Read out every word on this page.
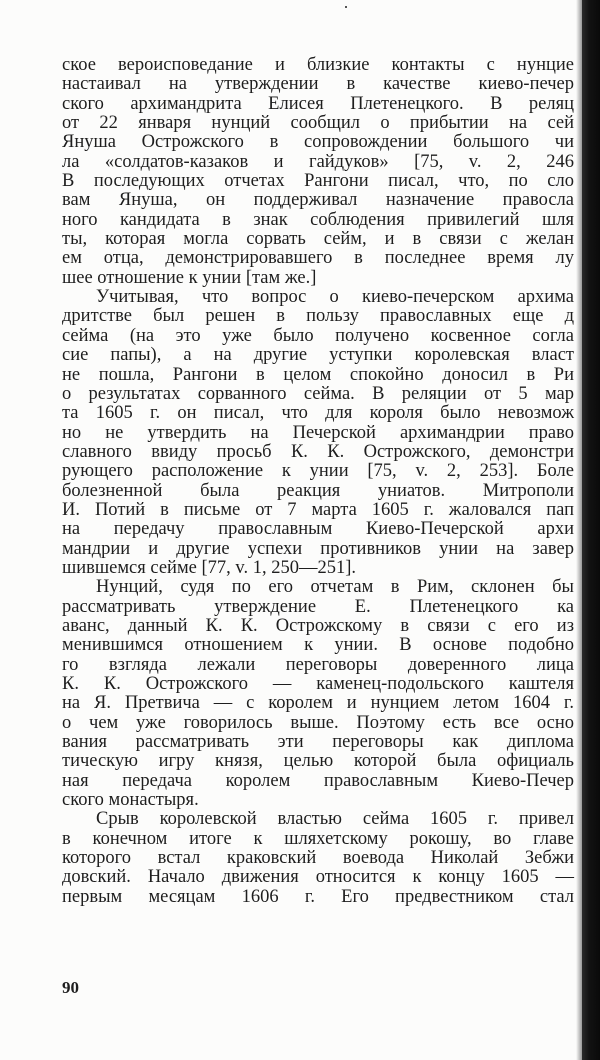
ское вероисповедание и близкие контакты с нунцие
настаивал на утверждении в качестве киево-печер
ского архимандрита Елисея Плетенецкого. В реляц
от 22 января нунций сообщил о прибытии на сей
Януша Острожского в сопровождении большого чи
ла «солдатов-казаков и гайдуков» [75, v. 2, 246
В последующих отчетах Рангони писал, что, по сло
вам Януша, он поддерживал назначение правосла
ного кандидата в знак соблюдения привилегий шля
ты, которая могла сорвать сейм, и в связи с желан
ем отца, демонстрировавшего в последнее время лу
шее отношение к унии [там же.]
Учитывая, что вопрос о киево-печерском архима
дритстве был решен в пользу православных еще д
сейма (на это уже было получено косвенное согла
сие папы), а на другие уступки королевская власт
не пошла, Рангони в целом спокойно доносил в Ри
о результатах сорванного сейма. В реляции от 5 мар
та 1605 г. он писал, что для короля было невозмож
но не утвердить на Печерской архимандрии право
славного ввиду просьб К. К. Острожского, демонстри
рующего расположение к унии [75, v. 2, 253]. Боле
болезненной была реакция униатов. Митрополи
И. Потий в письме от 7 марта 1605 г. жаловался пап
на передачу православным Киево-Печерской архи
мандрии и другие успехи противников унии на завер
шившемся сейме [77, v. 1, 250—251].
Нунций, судя по его отчетам в Рим, склонен бы
рассматривать утверждение Е. Плетенецкого ка
аванс, данный К. К. Острожскому в связи с его из
менившимся отношением к унии. В основе подобно
го взгляда лежали переговоры доверенного лица
К. К. Острожского — каменец-подольского каштеля
на Я. Претвича — с королем и нунцием летом 1604 г.
о чем уже говорилось выше. Поэтому есть все осно
вания рассматривать эти переговоры как диплома
тическую игру князя, целью которой была официаль
ная передача королем православным Киево-Печер
ского монастыря.
Срыв королевской властью сейма 1605 г. привел
в конечном итоге к шляхетскому рокошу, во главе
которого встал краковский воевода Николай Зебжи
довский. Начало движения относится к концу 1605 —
первым месяцам 1606 г. Его предвестником стал
90
